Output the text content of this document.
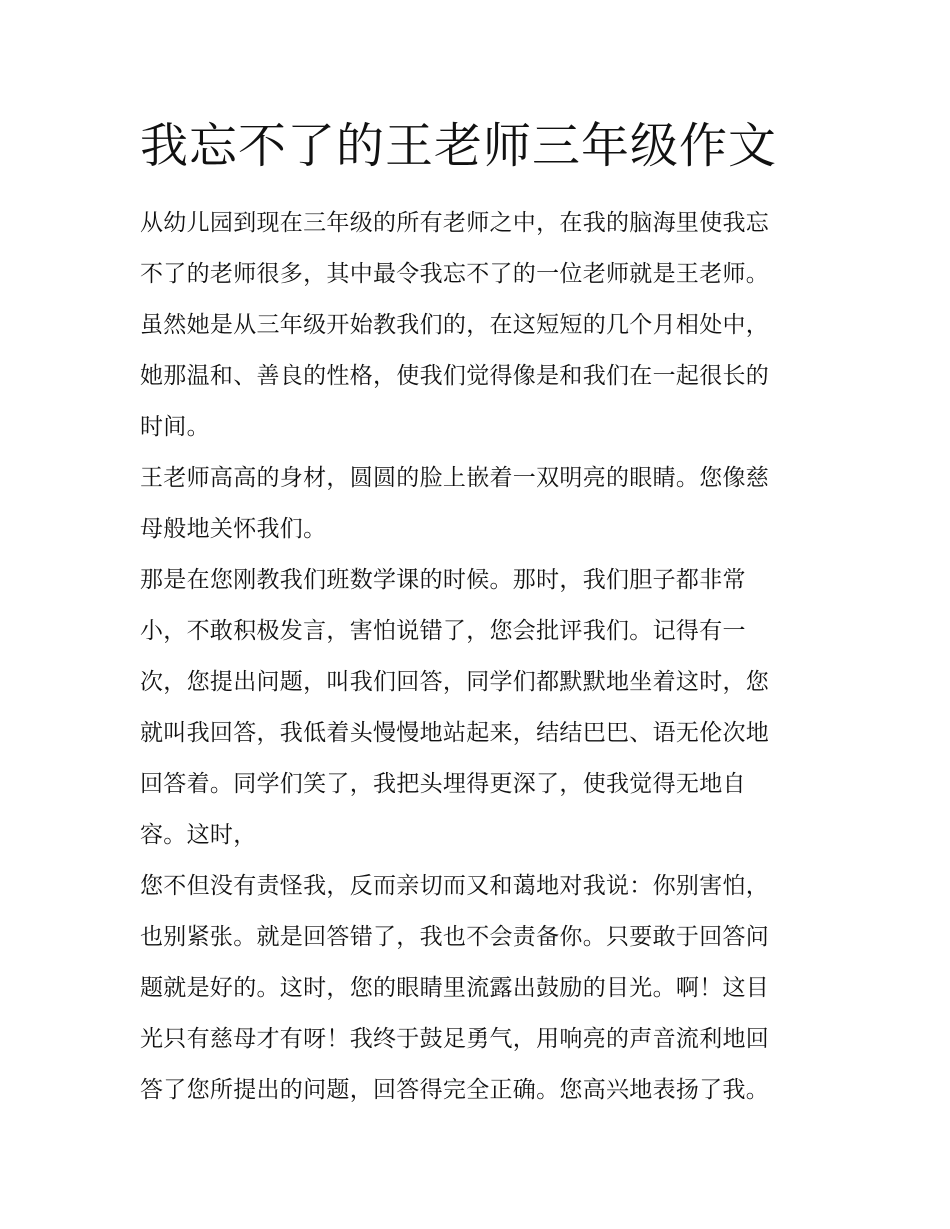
我忘不了的王老师三年级作文
从幼儿园到现在三年级的所有老师之中，在我的脑海里使我忘
不了的老师很多，其中最令我忘不了的一位老师就是王老师。
虽然她是从三年级开始教我们的，在这短短的几个月相处中，
她那温和、善良的性格，使我们觉得像是和我们在一起很长的
时间。
王老师高高的身材，圆圆的脸上嵌着一双明亮的眼睛。您像慈
母般地关怀我们。
那是在您刚教我们班数学课的时候。那时，我们胆子都非常
小，不敢积极发言，害怕说错了，您会批评我们。记得有一
次，您提出问题，叫我们回答，同学们都默默地坐着这时，您
就叫我回答，我低着头慢慢地站起来，结结巴巴、语无伦次地
回答着。同学们笑了，我把头埋得更深了，使我觉得无地自
容。这时，
您不但没有责怪我，反而亲切而又和蔼地对我说：你别害怕，
也别紧张。就是回答错了，我也不会责备你。只要敢于回答问
题就是好的。这时，您的眼睛里流露出鼓励的目光。啊！这目
光只有慈母才有呀！我终于鼓足勇气，用响亮的声音流利地回
答了您所提出的问题，回答得完全正确。您高兴地表扬了我。
